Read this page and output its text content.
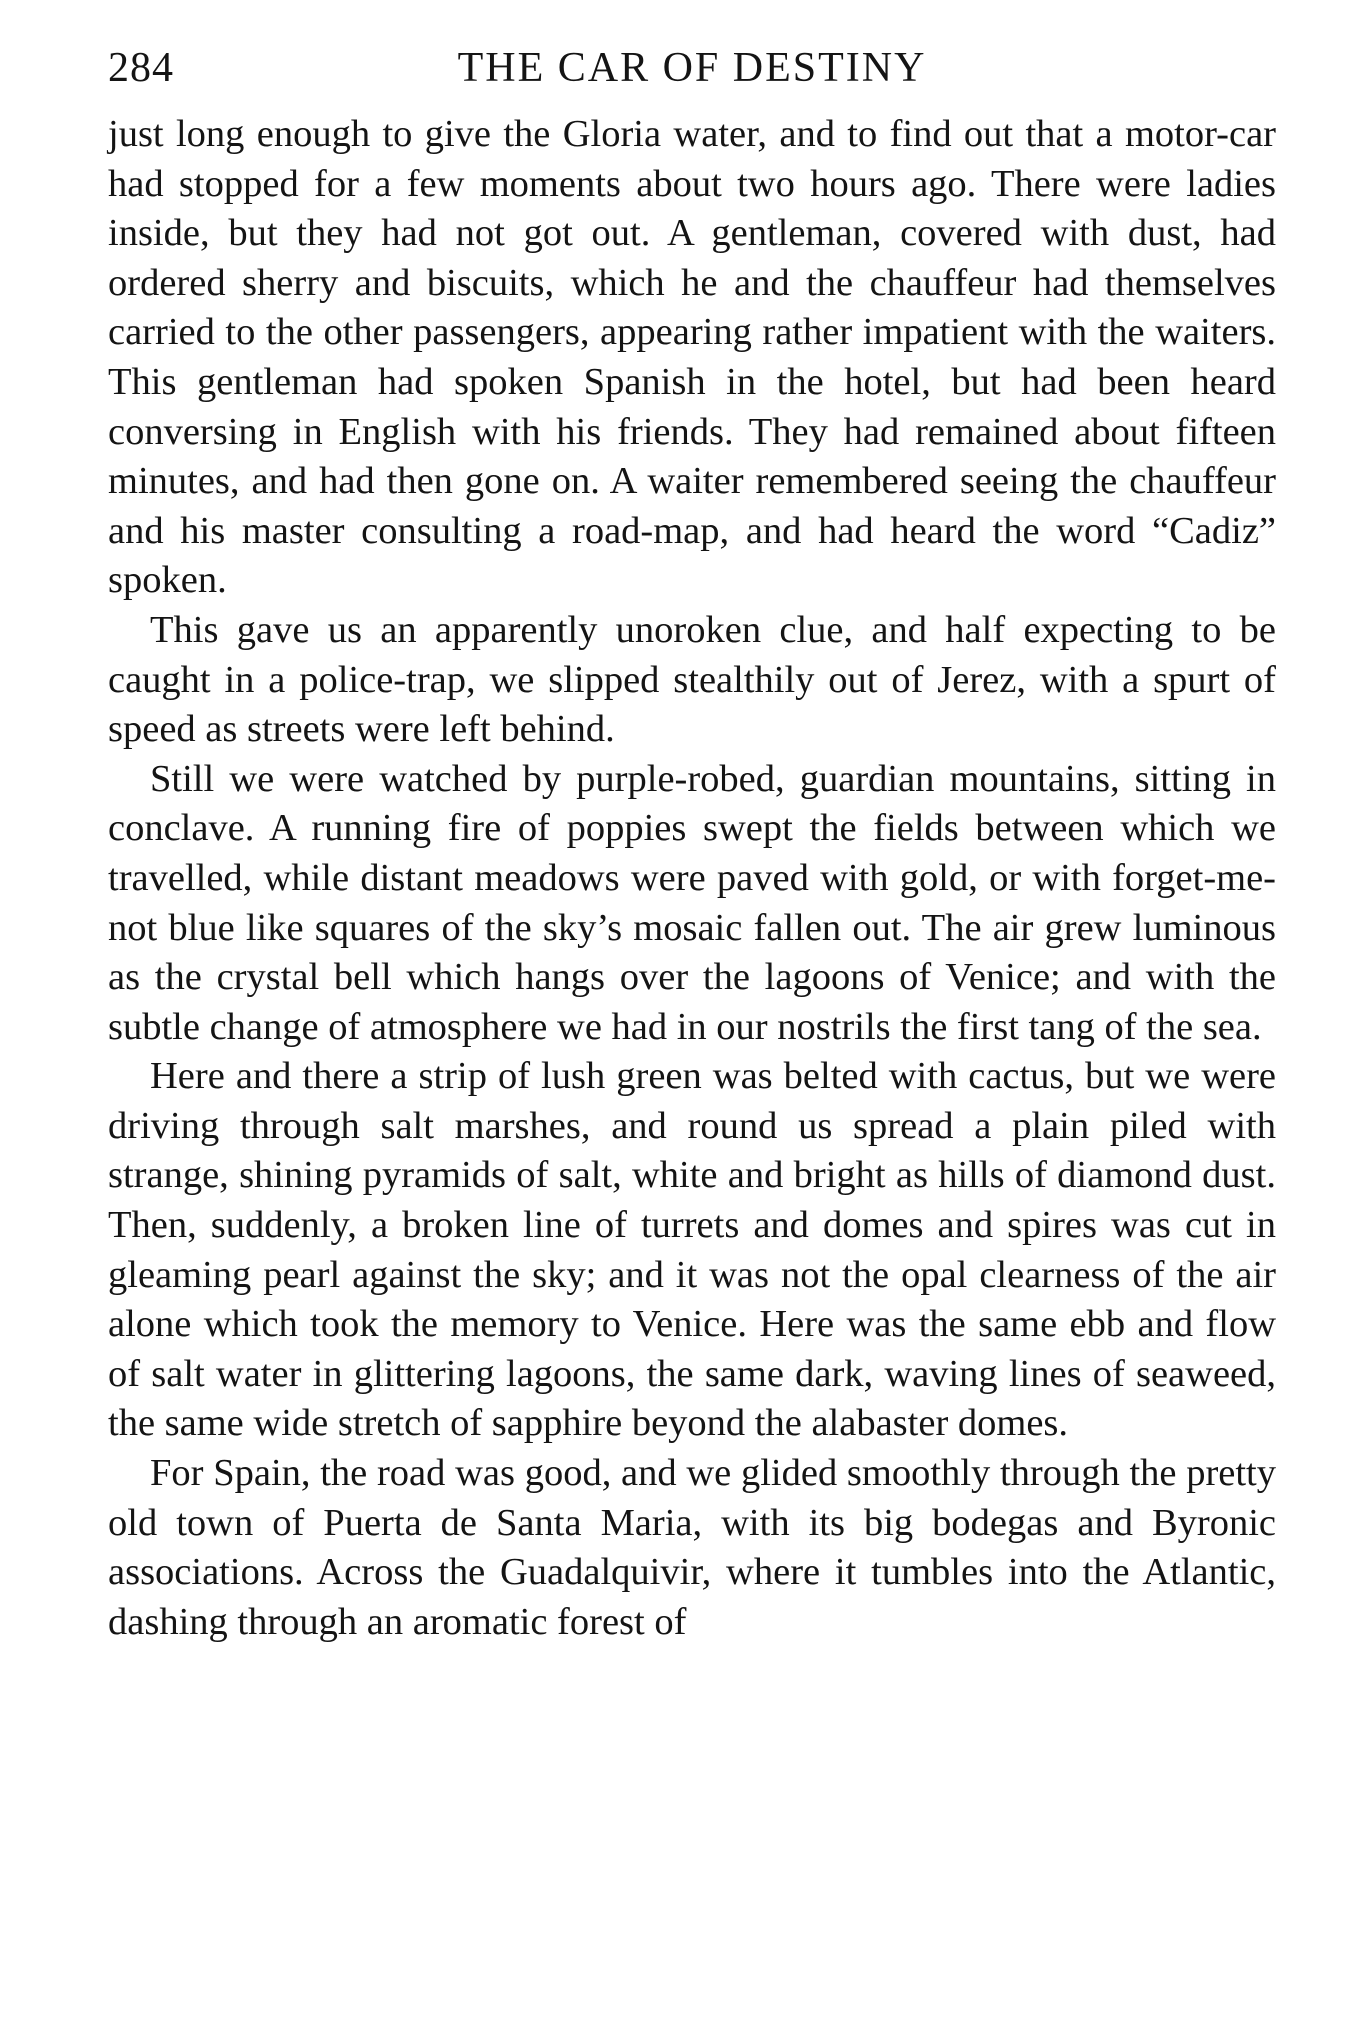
284	THE CAR OF DESTINY

just long enough to give the Gloria water, and to find out that a motor-car had stopped for a few moments about two hours ago. There were ladies inside, but they had not got out. A gentleman, covered with dust, had ordered sherry and biscuits, which he and the chauffeur had themselves carried to the other passengers, appearing rather impatient with the waiters. This gentleman had spoken Spanish in the hotel, but had been heard conversing in English with his friends. They had remained about fifteen minutes, and had then gone on. A waiter remembered seeing the chauffeur and his master consulting a road-map, and had heard the word “Cadiz” spoken.

This gave us an apparently unoroken clue, and half expecting to be caught in a police-trap, we slipped stealthily out of Jerez, with a spurt of speed as streets were left behind.

Still we were watched by purple-robed, guardian mountains, sitting in conclave. A running fire of poppies swept the fields between which we travelled, while distant meadows were paved with gold, or with forget-me-not blue like squares of the sky’s mosaic fallen out. The air grew luminous as the crystal bell which hangs over the lagoons of Venice; and with the subtle change of atmosphere we had in our nostrils the first tang of the sea.

Here and there a strip of lush green was belted with cactus, but we were driving through salt marshes, and round us spread a plain piled with strange, shining pyramids of salt, white and bright as hills of diamond dust. Then, suddenly, a broken line of turrets and domes and spires was cut in gleaming pearl against the sky; and it was not the opal clearness of the air alone which took the memory to Venice. Here was the same ebb and flow of salt water in glittering lagoons, the same dark, waving lines of seaweed, the same wide stretch of sapphire beyond the alabaster domes.

For Spain, the road was good, and we glided smoothly through the pretty old town of Puerta de Santa Maria, with its big bodegas and Byronic associations. Across the Guadalquivir, where it tumbles into the Atlantic, dashing through an aromatic forest of
